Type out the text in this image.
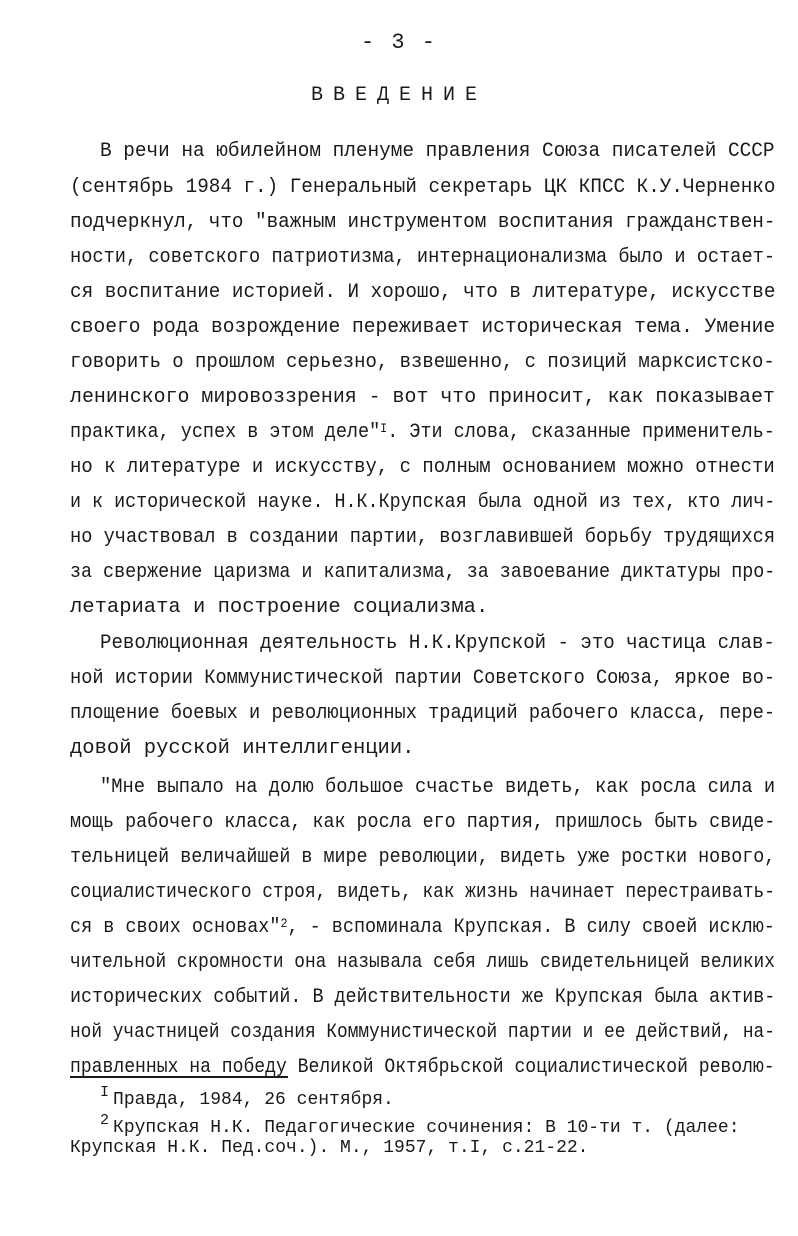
- 3 -
ВВЕДЕНИЕ
В речи на юбилейном пленуме правления Союза писателей СССР
(сентябрь 1984 г.) Генеральный секретарь ЦК КПСС К.У.Черненко
подчеркнул, что "важным инструментом воспитания гражданствен-
ности, советского патриотизма, интернационализма было и остает-
ся воспитание историей. И хорошо, что в литературе, искусстве
своего рода возрождение переживает историческая тема. Умение
говорить о прошлом серьезно, взвешенно, с позиций марксистско-
ленинского мировоззрения - вот что приносит, как показывает
практика, успех в этом деле"$^I$. Эти слова, сказанные применитель-
но к литературе и искусству, с полным основанием можно отнести
и к исторической науке. Н.К.Крупская была одной из тех, кто лич-
но участвовал в создании партии, возглавившей борьбу трудящихся
за свержение царизма и капитализма, за завоевание диктатуры про-
летариата и построение социализма.
Революционная деятельность Н.К.Крупской - это частица слав-
ной истории Коммунистической партии Советского Союза, яркое во-
площение боевых и революционных традиций рабочего класса, пере-
довой русской интеллигенции.
"Мне выпало на долю большое счастье видеть, как росла сила и
мощь рабочего класса, как росла его партия, пришлось быть свиде-
тельницей величайшей в мире революции, видеть уже ростки нового,
социалистического строя, видеть, как жизнь начинает перестраивать-
ся в своих основах"$^2$, - вспоминала Крупская. В силу своей исклю-
чительной скромности она называла себя лишь свидетельницей великих
исторических событий. В действительности же Крупская была актив-
ной участницей создания Коммунистической партии и ее действий, на-
правленных на победу Великой Октябрьской социалистической револю-
$^I$ Правда, 1984, 26 сентября.
$^2$ Крупская Н.К. Педагогические сочинения: В 10-ти т. (далее:
Крупская Н.К. Пед.соч.). М., 1957, т.I, с.21-22.
